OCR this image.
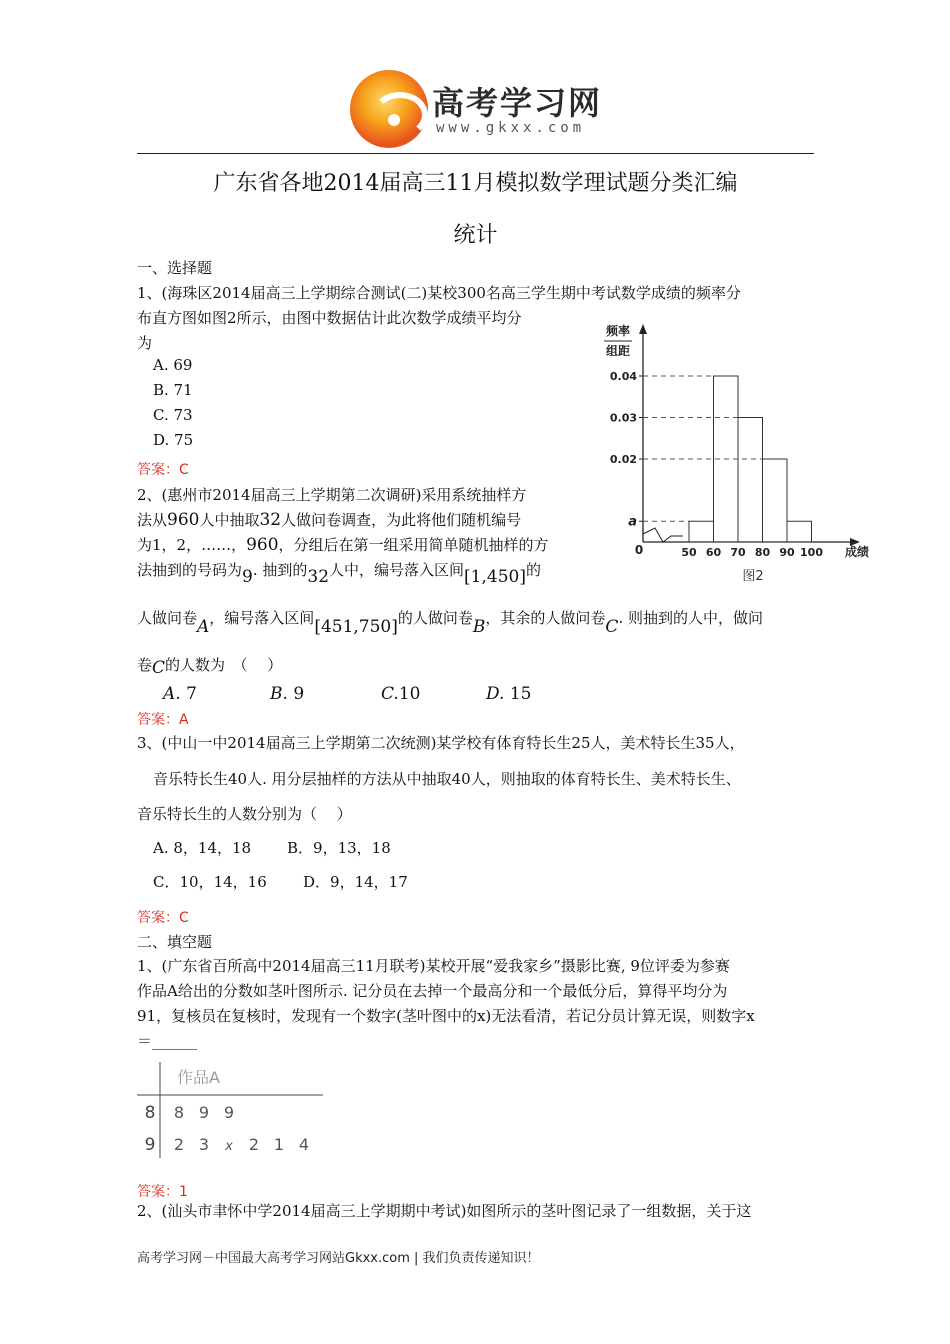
高考学习网
www.gkxx.com
广东省各地2014届高三11月模拟数学理试题分类汇编
统计
一、选择题
1、(海珠区2014届高三上学期综合测试(二)某校300名高三学生期中考试数学成绩的频率分
布直方图如图2所示，由图中数据估计此次数学成绩平均分
为
A. 69
B. 71
C. 73
D. 75
答案：C
0.04
0.03
0.02
a
50 60 70 80 90 100
0	成绩
频率
组距
图2
2、(惠州市2014届高三上学期第二次调研)采用系统抽样方
法从960人中抽取32人做问卷调查，为此将他们随机编号
为1，2，……，960，分组后在第一组采用简单随机抽样的方
法抽到的号码为9. 抽到的32人中，编号落入区间[1,450]的
人做问卷A，编号落入区间[451,750]的人做问卷B，其余的人做问卷C. 则抽到的人中，做问
卷C的人数为　（　 ）
A. 7	B. 9	C.10	D. 15
答案：A
3、(中山一中2014届高三上学期第二次统测)某学校有体育特长生25人，美术特长生35人，
音乐特长生40人. 用分层抽样的方法从中抽取40人，则抽取的体育特长生、美术特长生、
音乐特长生的人数分别为（　 ）
A. 8，14，18 B．9，13，18
C．10，14，16 D．9，14，17
答案：C
二、填空题
1、(广东省百所高中2014届高三11月联考)某校开展“爱我家乡”摄影比赛, 9位评委为参赛
作品A给出的分数如茎叶图所示. 记分员在去掉一个最高分和一个最低分后，算得平均分为
91，复核员在复核时，发现有一个数字(茎叶图中的x)无法看清，若记分员计算无误，则数字x
＝______
作品A
8 8 9 9
9 2 3 x 2 1 4
答案：1
2、(汕头市聿怀中学2014届高三上学期期中考试)如图所示的茎叶图记录了一组数据，关于这
高考学习网－中国最大高考学习网站Gkxx.com | 我们负责传递知识！
